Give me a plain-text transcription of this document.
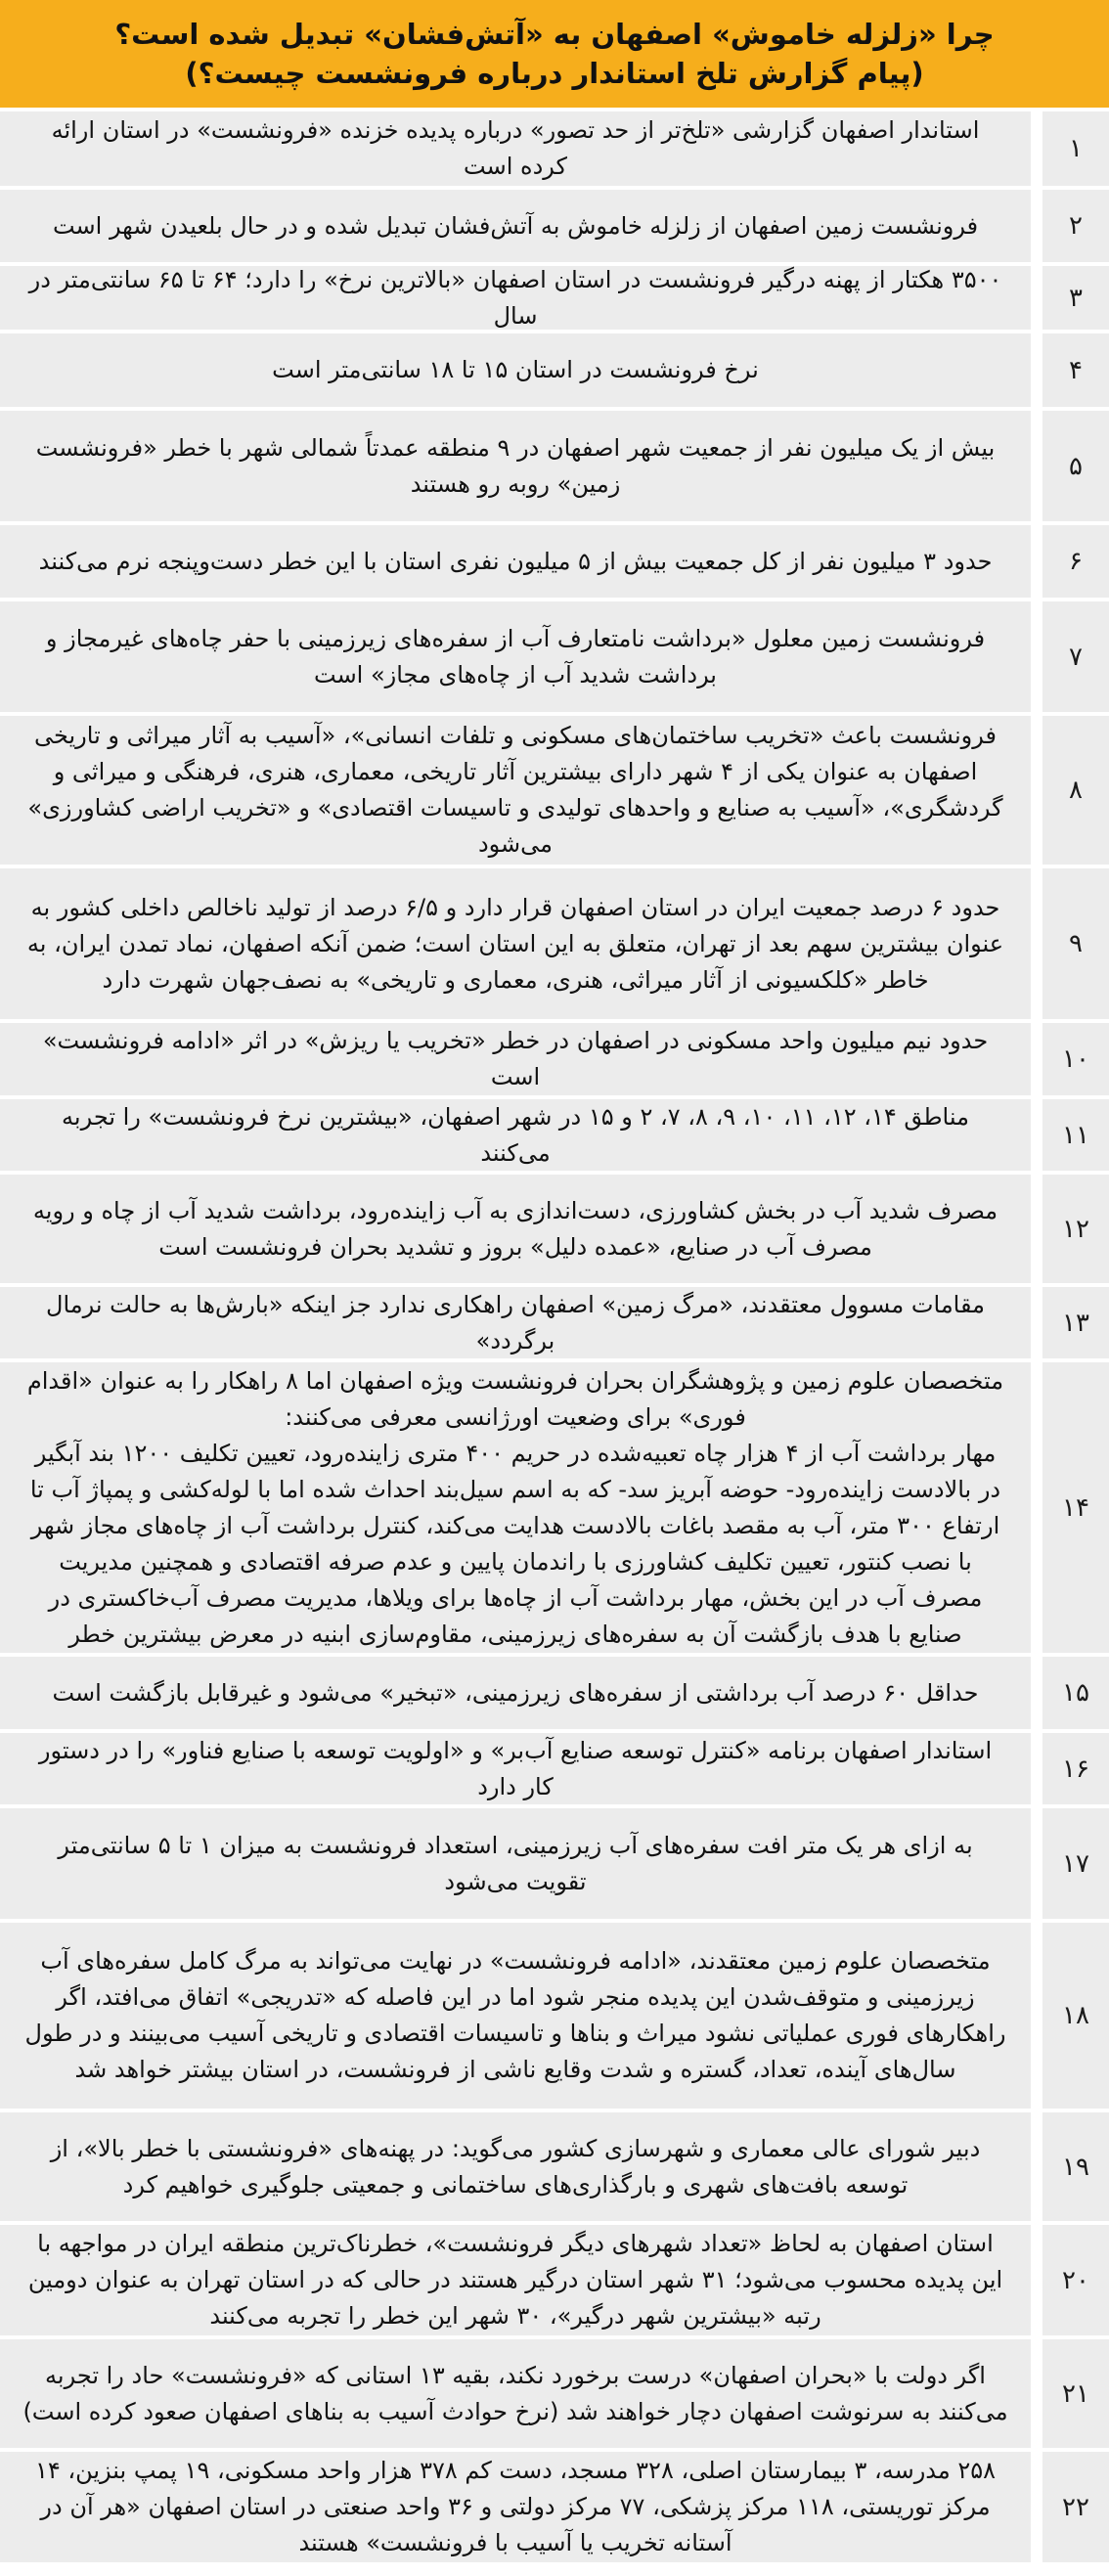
چرا «زلزله خاموش» اصفهان به «آتش‌فشان» تبدیل شده است؟
(پیام گزارش تلخ استاندار درباره فرونشست چیست؟)
۱
استاندار اصفهان گزارشی «تلخ‌تر از حد تصور» درباره پدیده خزنده «فرونشست» در استان ارائه کرده است
۲
فرونشست زمین اصفهان از زلزله خاموش به آتش‌فشان تبدیل شده و در حال بلعیدن شهر است
۳
۳۵۰۰ هکتار از پهنه درگیر فرونشست در استان اصفهان «بالاترین نرخ» را دارد؛ ۶۴ تا ۶۵ سانتی‌متر در سال
۴
نرخ فرونشست در استان ۱۵ تا ۱۸ سانتی‌متر است
۵
بیش از یک میلیون نفر از جمعیت شهر اصفهان در ۹ منطقه عمدتاً شمالی شهر با خطر «فرونشست زمین» روبه رو هستند
۶
حدود ۳ میلیون نفر از کل جمعیت بیش از ۵ میلیون نفری استان با این خطر دست‌وپنجه نرم می‌کنند
۷
فرونشست زمین معلول «برداشت نامتعارف آب از سفره‌های زیرزمینی با حفر چاه‌های غیرمجاز و برداشت شدید آب از چاه‌های مجاز» است
۸
فرونشست باعث «تخریب ساختمان‌های مسکونی و تلفات انسانی»، «آسیب به آثار میراثی و تاریخی اصفهان به عنوان یکی از ۴ شهر دارای بیشترین آثار تاریخی، معماری، هنری، فرهنگی و میراثی و گردشگری»، «آسیب به صنایع و واحدهای تولیدی و تاسیسات اقتصادی» و «تخریب اراضی کشاورزی» می‌شود
۹
حدود ۶ درصد جمعیت ایران در استان اصفهان قرار دارد و ۶/۵ درصد از تولید ناخالص داخلی کشور به عنوان بیشترین سهم بعد از تهران، متعلق به این استان است؛ ضمن آنکه اصفهان، نماد تمدن ایران، به خاطر «کلکسیونی از آثار میراثی، هنری، معماری و تاریخی» به نصف‌جهان شهرت دارد
۱۰
حدود نیم میلیون واحد مسکونی در اصفهان در خطر «تخریب یا ریزش» در اثر «ادامه فرونشست» است
۱۱
مناطق ۱۴، ۱۲، ۱۱، ۱۰، ۹، ۸، ۷، ۲ و ۱۵ در شهر اصفهان، «بیشترین نرخ فرونشست» را تجربه می‌کنند
۱۲
مصرف شدید آب در بخش کشاورزی، دست‌اندازی به آب زاینده‌رود، برداشت شدید آب از چاه و رویه مصرف آب در صنایع، «عمده دلیل» بروز و تشدید بحران فرونشست است
۱۳
مقامات مسوول معتقدند، «مرگ زمین» اصفهان راهکاری ندارد جز اینکه «بارش‌ها به حالت نرمال برگردد»
۱۴
متخصصان علوم زمین و پژوهشگران بحران فرونشست ویژه اصفهان اما ۸ راهکار را به عنوان «اقدام فوری» برای وضعیت اورژانسی معرفی می‌کنند:
مهار برداشت آب از ۴ هزار چاه تعبیه‌شده در حریم ۴۰۰ متری زاینده‌رود، تعیین تکلیف ۱۲۰۰ بند آبگیر در بالادست زاینده‌رود- حوضه آبریز سد- که به اسم سیل‌بند احداث شده اما با لوله‌کشی و پمپاژ آب تا ارتفاع ۳۰۰ متر، آب به مقصد باغات بالادست هدایت می‌کند، کنترل برداشت آب از چاه‌های مجاز شهر با نصب کنتور، تعیین تکلیف کشاورزی با راندمان پایین و عدم صرفه اقتصادی و همچنین مدیریت مصرف آب در این بخش، مهار برداشت آب از چاه‌ها برای ویلاها، مدیریت مصرف آب‌خاکستری در صنایع با هدف بازگشت آن به سفره‌های زیرزمینی، مقاوم‌سازی ابنیه در معرض بیشترین خطر
۱۵
حداقل ۶۰ درصد آب برداشتی از سفره‌های زیرزمینی، «تبخیر» می‌شود و غیرقابل بازگشت است
۱۶
استاندار اصفهان برنامه «کنترل توسعه صنایع آب‌بر» و «اولویت توسعه با صنایع فناور» را در دستور کار دارد
۱۷
به ازای هر یک متر افت سفره‌های آب زیرزمینی، استعداد فرونشست به میزان ۱ تا ۵ سانتی‌متر تقویت می‌شود
۱۸
متخصصان علوم زمین معتقدند، «ادامه فرونشست» در نهایت می‌تواند به مرگ کامل سفره‌های آب زیرزمینی و متوقف‌شدن این پدیده منجر شود اما در این فاصله که «تدریجی» اتفاق می‌افتد، اگر راهکارهای فوری عملیاتی نشود میراث و بناها و تاسیسات اقتصادی و تاریخی آسیب می‌بینند و در طول سال‌های آینده، تعداد، گستره و شدت وقایع ناشی از فرونشست، در استان بیشتر خواهد شد
۱۹
دبیر شورای عالی معماری و شهرسازی کشور می‌گوید: در پهنه‌های «فرونشستی با خطر بالا»، از توسعه بافت‌های شهری و بارگذاری‌های ساختمانی و جمعیتی جلوگیری خواهیم کرد
۲۰
استان اصفهان به لحاظ «تعداد شهرهای دیگر فرونشست»، خطرناک‌ترین منطقه ایران در مواجهه با این پدیده محسوب می‌شود؛ ۳۱ شهر استان درگیر هستند در حالی که در استان تهران به عنوان دومین رتبه «بیشترین شهر درگیر»، ۳۰ شهر این خطر را تجربه می‌کنند
۲۱
اگر دولت با «بحران اصفهان» درست برخورد نکند، بقیه ۱۳ استانی که «فرونشست» حاد را تجربه می‌کنند به سرنوشت اصفهان دچار خواهند شد (نرخ حوادث آسیب به بناهای اصفهان صعود کرده است)
۲۲
۲۵۸ مدرسه، ۳ بیمارستان اصلی، ۳۲۸ مسجد، دست کم ۳۷۸ هزار واحد مسکونی، ۱۹ پمپ بنزین، ۱۴ مرکز توریستی، ۱۱۸ مرکز پزشکی، ۷۷ مرکز دولتی و ۳۶ واحد صنعتی در استان اصفهان «هر آن در آستانه تخریب یا آسیب با فرونشست» هستند
